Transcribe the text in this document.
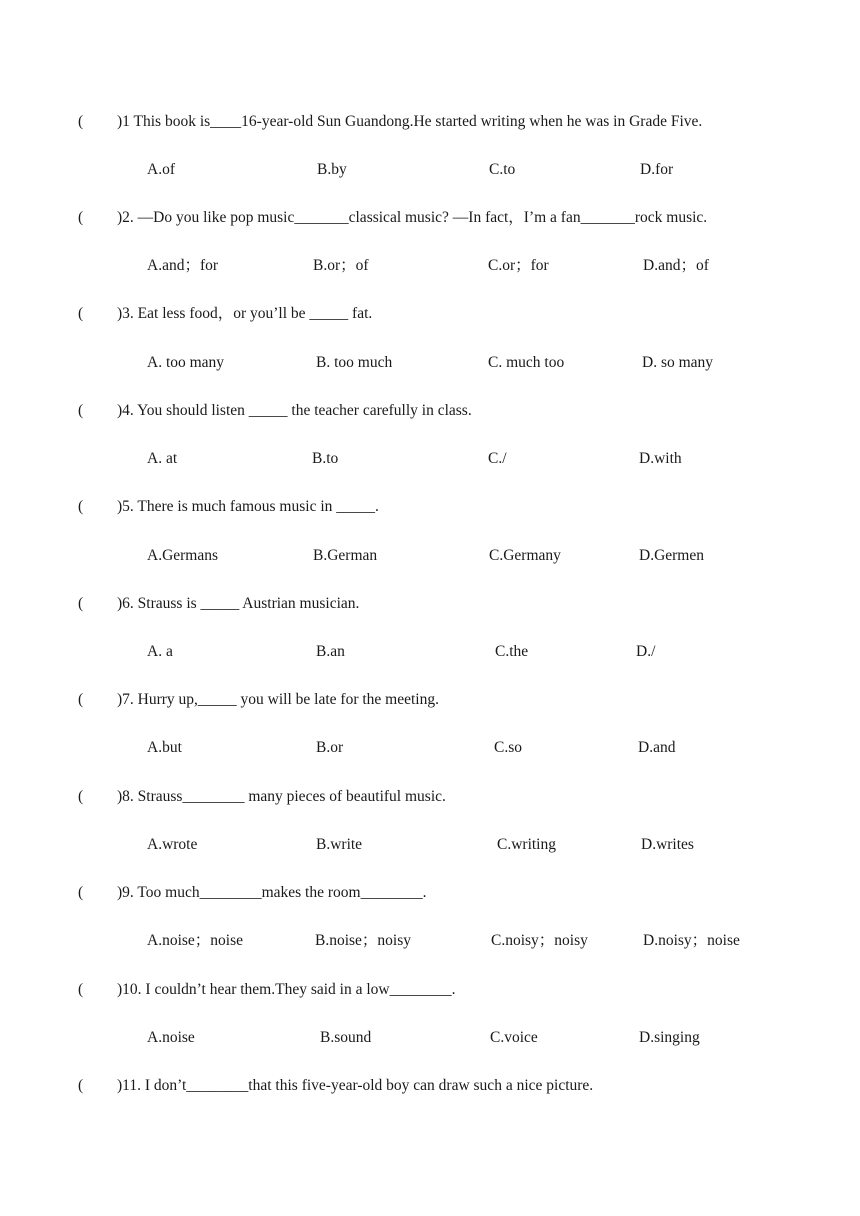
( )1 This book is____16-year-old Sun Guandong.He started writing when he was in Grade Five.
A.of	B.by	C.to	D.for
( )2. —Do you like pop music_______classical music? —In fact，I’m a fan_______rock music.
A.and；for	B.or；of	C.or；for	D.and；of
( )3. Eat less food，or you’ll be _____ fat.
A. too many	B. too much	C. much too	D. so many
( )4. You should listen _____ the teacher carefully in class.
A. at	B.to	C./	D.with
( )5. There is much famous music in _____.
A.Germans	B.German	C.Germany	D.Germen
( )6. Strauss is _____ Austrian musician.
A. a	B.an	C.the	D./
( )7. Hurry up,_____ you will be late for the meeting.
A.but	B.or	C.so	D.and
( )8. Strauss________ many pieces of beautiful music.
A.wrote	B.write	C.writing	D.writes
( )9. Too much________makes the room________.
A.noise；noise	B.noise；noisy	C.noisy；noisy	D.noisy；noise
( )10. I couldn’t hear them.They said in a low________.
A.noise	B.sound	C.voice	D.singing
( )11. I don’t________that this five-year-old boy can draw such a nice picture.
